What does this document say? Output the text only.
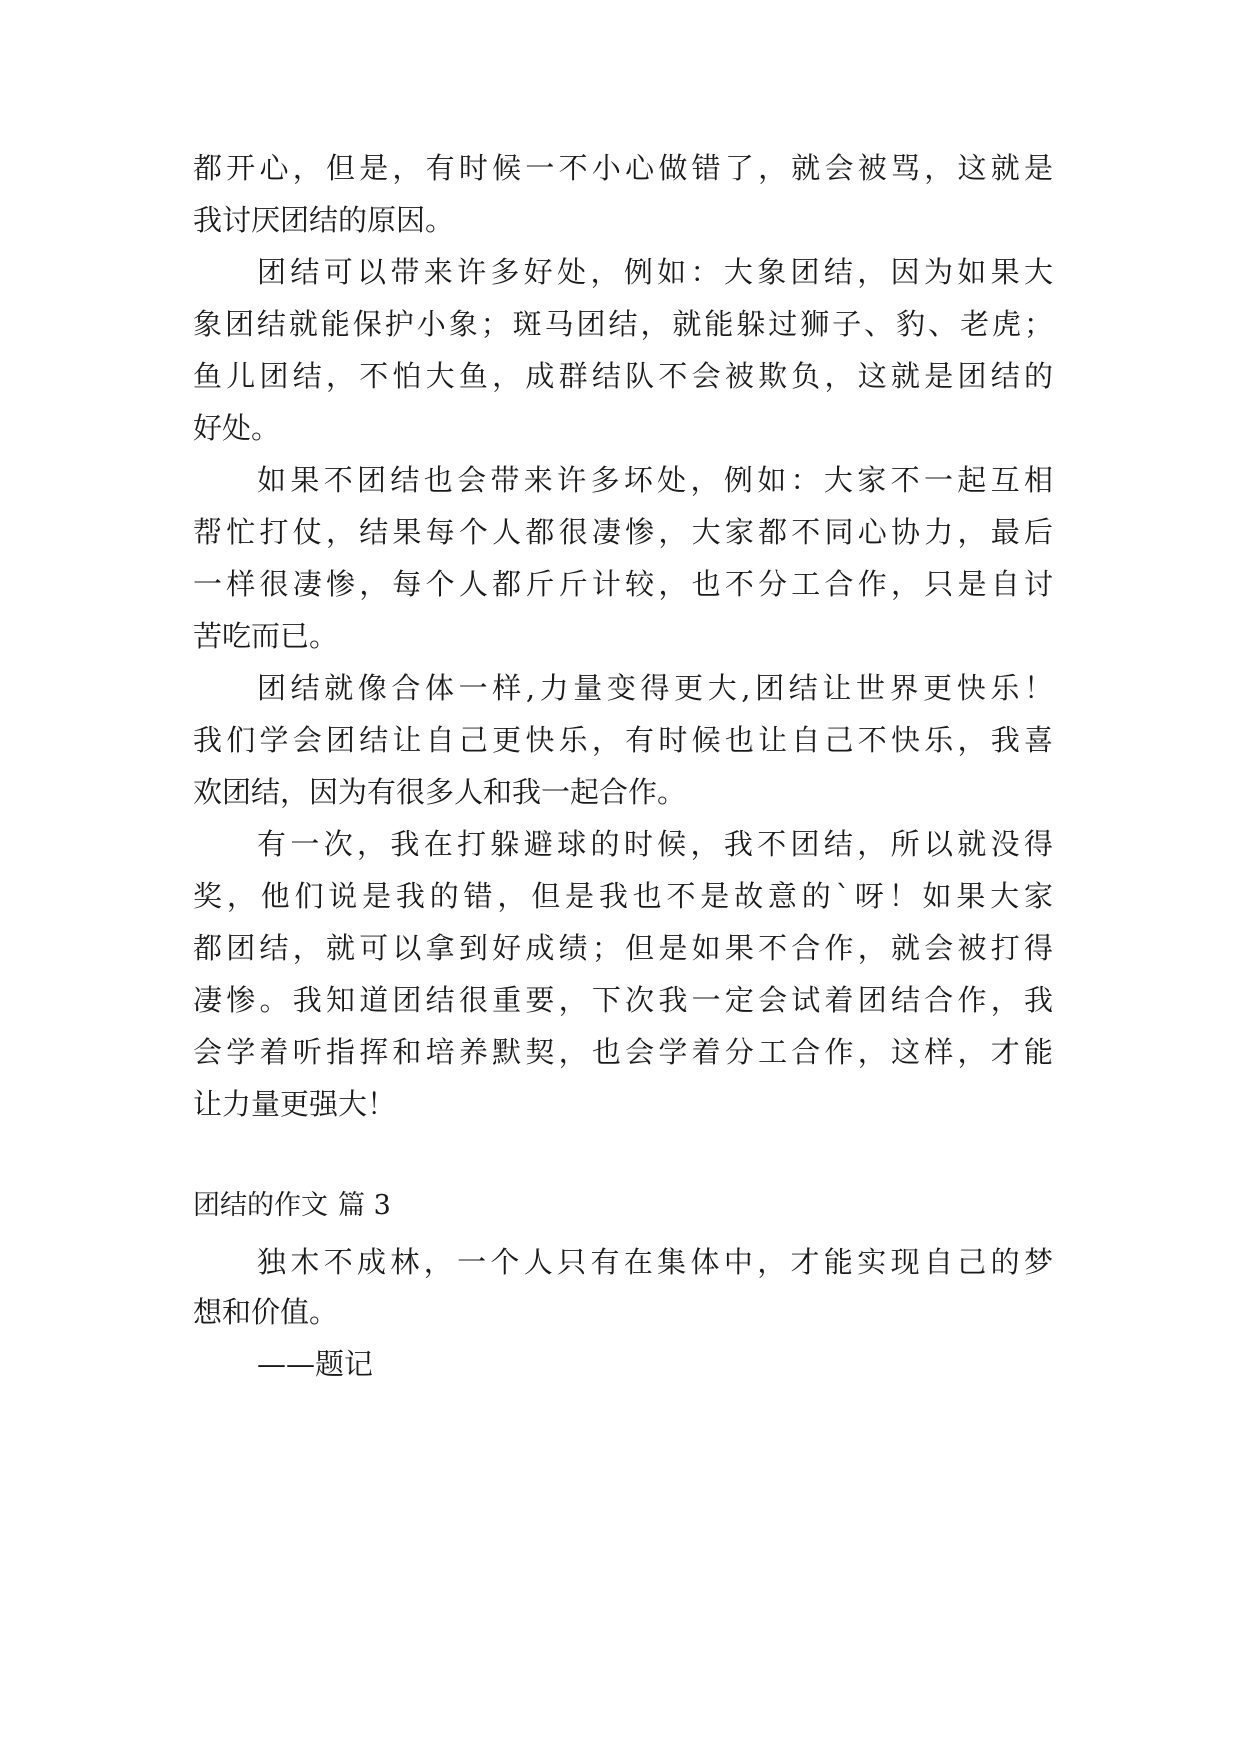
都开心，但是，有时候一不小心做错了，就会被骂，这就是
我讨厌团结的原因。
团结可以带来许多好处，例如：大象团结，因为如果大
象团结就能保护小象；斑马团结，就能躲过狮子、豹、老虎；
鱼儿团结，不怕大鱼，成群结队不会被欺负，这就是团结的
好处。
如果不团结也会带来许多坏处，例如：大家不一起互相
帮忙打仗，结果每个人都很凄惨，大家都不同心协力，最后
一样很凄惨，每个人都斤斤计较，也不分工合作，只是自讨
苦吃而已。
团结就像合体一样,力量变得更大,团结让世界更快乐！
我们学会团结让自己更快乐，有时候也让自己不快乐，我喜
欢团结，因为有很多人和我一起合作。
有一次，我在打躲避球的时候，我不团结，所以就没得
奖，他们说是我的错，但是我也不是故意的`呀！如果大家
都团结，就可以拿到好成绩；但是如果不合作，就会被打得
凄惨。我知道团结很重要，下次我一定会试着团结合作，我
会学着听指挥和培养默契，也会学着分工合作，这样，才能
让力量更强大！
团结的作文 篇 3
独木不成林，一个人只有在集体中，才能实现自己的梦
想和价值。
——题记
